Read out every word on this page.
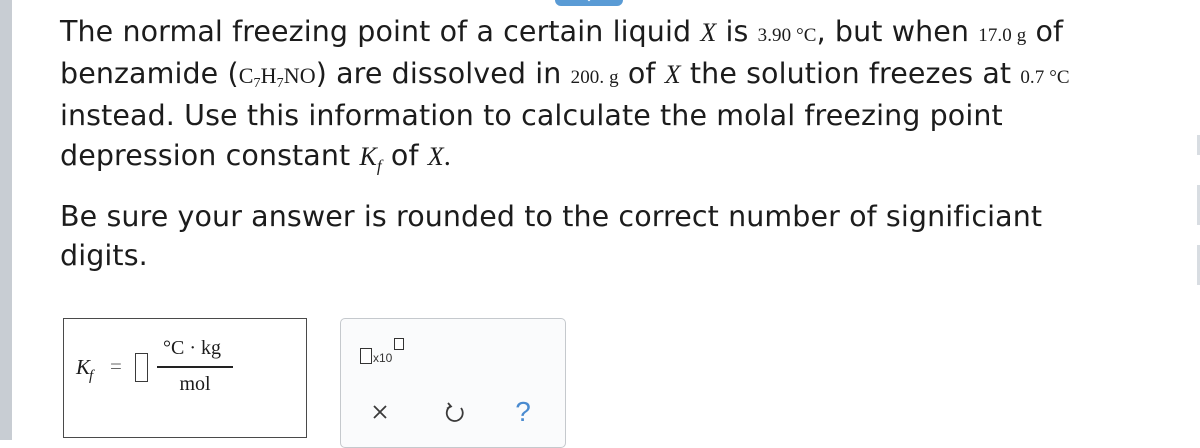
The normal freezing point of a certain liquid X is 3.90 °C, but when 17.0 g of
benzamide $(C_7H_7NO)$ are dissolved in 200. g of X the solution freezes at 0.7 °C
instead. Use this information to calculate the molal freezing point
depression constant $K_f$ of X.
Be sure your answer is rounded to the correct number of significiant
digits.
$K_f$ =
°C · kg
mol
x10
?
